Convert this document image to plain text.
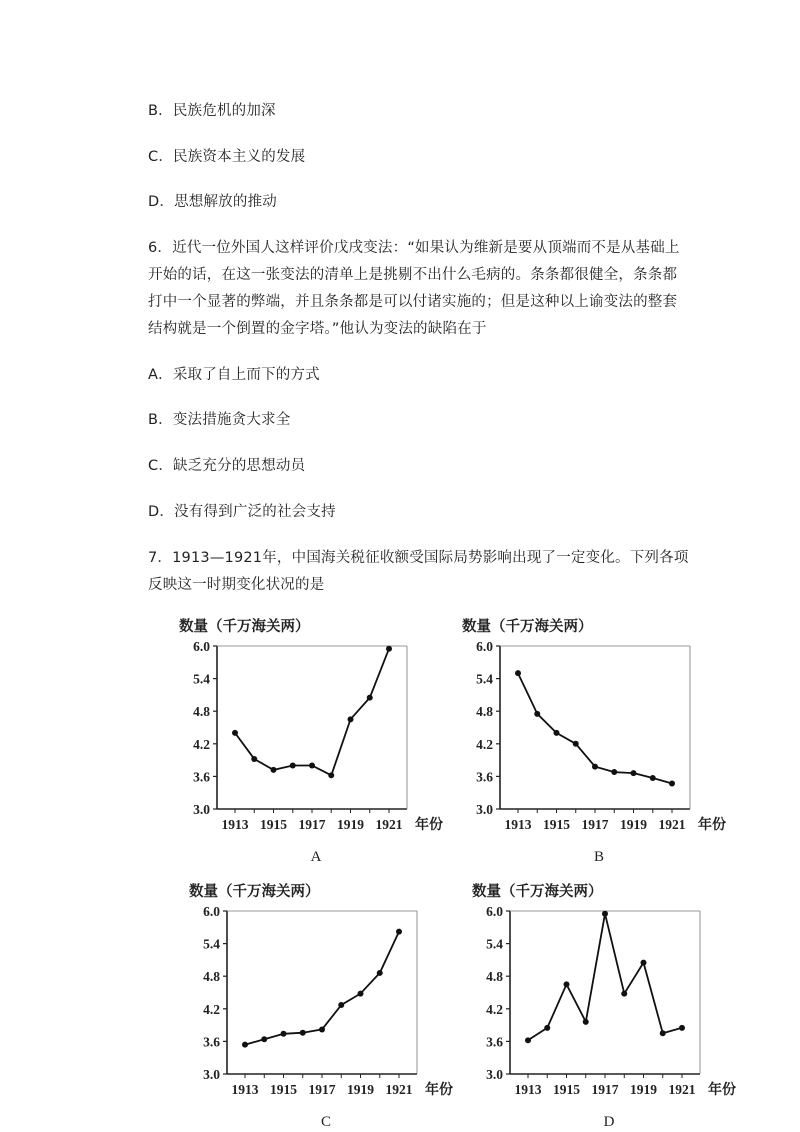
B．民族危机的加深
C．民族资本主义的发展
D．思想解放的推动
6．近代一位外国人这样评价戊戌变法：“如果认为维新是要从顶端而不是从基础上
开始的话，在这一张变法的清单上是挑剔不出什么毛病的。条条都很健全，条条都
打中一个显著的弊端，并且条条都是可以付诸实施的；但是这种以上谕变法的整套
结构就是一个倒置的金字塔。”他认为变法的缺陷在于
A．采取了自上而下的方式
B．变法措施贪大求全
C．缺乏充分的思想动员
D．没有得到广泛的社会支持
7．1913—1921年，中国海关税征收额受国际局势影响出现了一定变化。下列各项
反映这一时期变化状况的是
数量（千万海关两）
3.0
3.6
4.2
4.8
5.4
6.0
1913 1915 1917 1919 1921 年份
A
数量（千万海关两）
3.0
3.6
4.2
4.8
5.4
6.0
1913 1915 1917 1919 1921 年份
B
数量（千万海关两）
3.0
3.6
4.2
4.8
5.4
6.0
1913 1915 1917 1919 1921 年份
C
数量（千万海关两）
3.0
3.6
4.2
4.8
5.4
6.0
1913 1915 1917 1919 1921 年份
D
